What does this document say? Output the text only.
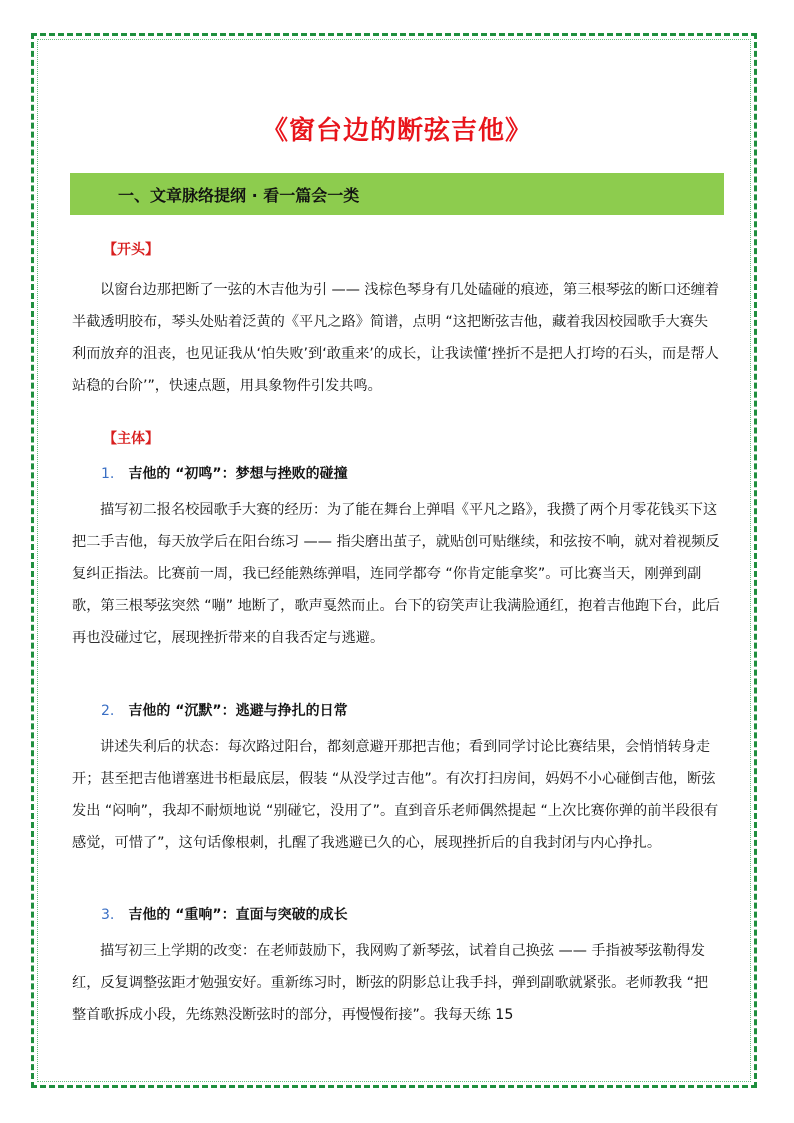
《窗台边的断弦吉他》
一、文章脉络提纲 · 看一篇会一类
【开头】

以窗台边那把断了一弦的木吉他为引 —— 浅棕色琴身有几处磕碰的痕迹，第三根琴弦的断口还缠着半截透明胶布，琴头处贴着泛黄的《平凡之路》简谱，点明 “这把断弦吉他，藏着我因校园歌手大赛失利而放弃的沮丧，也见证我从‘怕失败’到‘敢重来’的成长，让我读懂‘挫折不是把人打垮的石头，而是帮人站稳的台阶’”，快速点题，用具象物件引发共鸣。

【主体】
1. 吉他的 “初鸣”：梦想与挫败的碰撞

描写初二报名校园歌手大赛的经历：为了能在舞台上弹唱《平凡之路》，我攒了两个月零花钱买下这把二手吉他，每天放学后在阳台练习 —— 指尖磨出茧子，就贴创可贴继续，和弦按不响，就对着视频反复纠正指法。比赛前一周，我已经能熟练弹唱，连同学都夸 “你肯定能拿奖”。可比赛当天，刚弹到副歌，第三根琴弦突然 “嘣” 地断了，歌声戛然而止。台下的窃笑声让我满脸通红，抱着吉他跑下台，此后再也没碰过它，展现挫折带来的自我否定与逃避。

2. 吉他的 “沉默”：逃避与挣扎的日常

讲述失利后的状态：每次路过阳台，都刻意避开那把吉他；看到同学讨论比赛结果，会悄悄转身走开；甚至把吉他谱塞进书柜最底层，假装 “从没学过吉他”。有次打扫房间，妈妈不小心碰倒吉他，断弦发出 “闷响”，我却不耐烦地说 “别碰它，没用了”。直到音乐老师偶然提起 “上次比赛你弹的前半段很有感觉，可惜了”，这句话像根刺，扎醒了我逃避已久的心，展现挫折后的自我封闭与内心挣扎。

3. 吉他的 “重响”：直面与突破的成长

描写初三上学期的改变：在老师鼓励下，我网购了新琴弦，试着自己换弦 —— 手指被琴弦勒得发红，反复调整弦距才勉强安好。重新练习时，断弦的阴影总让我手抖，弹到副歌就紧张。老师教我 “把整首歌拆成小段，先练熟没断弦时的部分，再慢慢衔接”。我每天练 15
